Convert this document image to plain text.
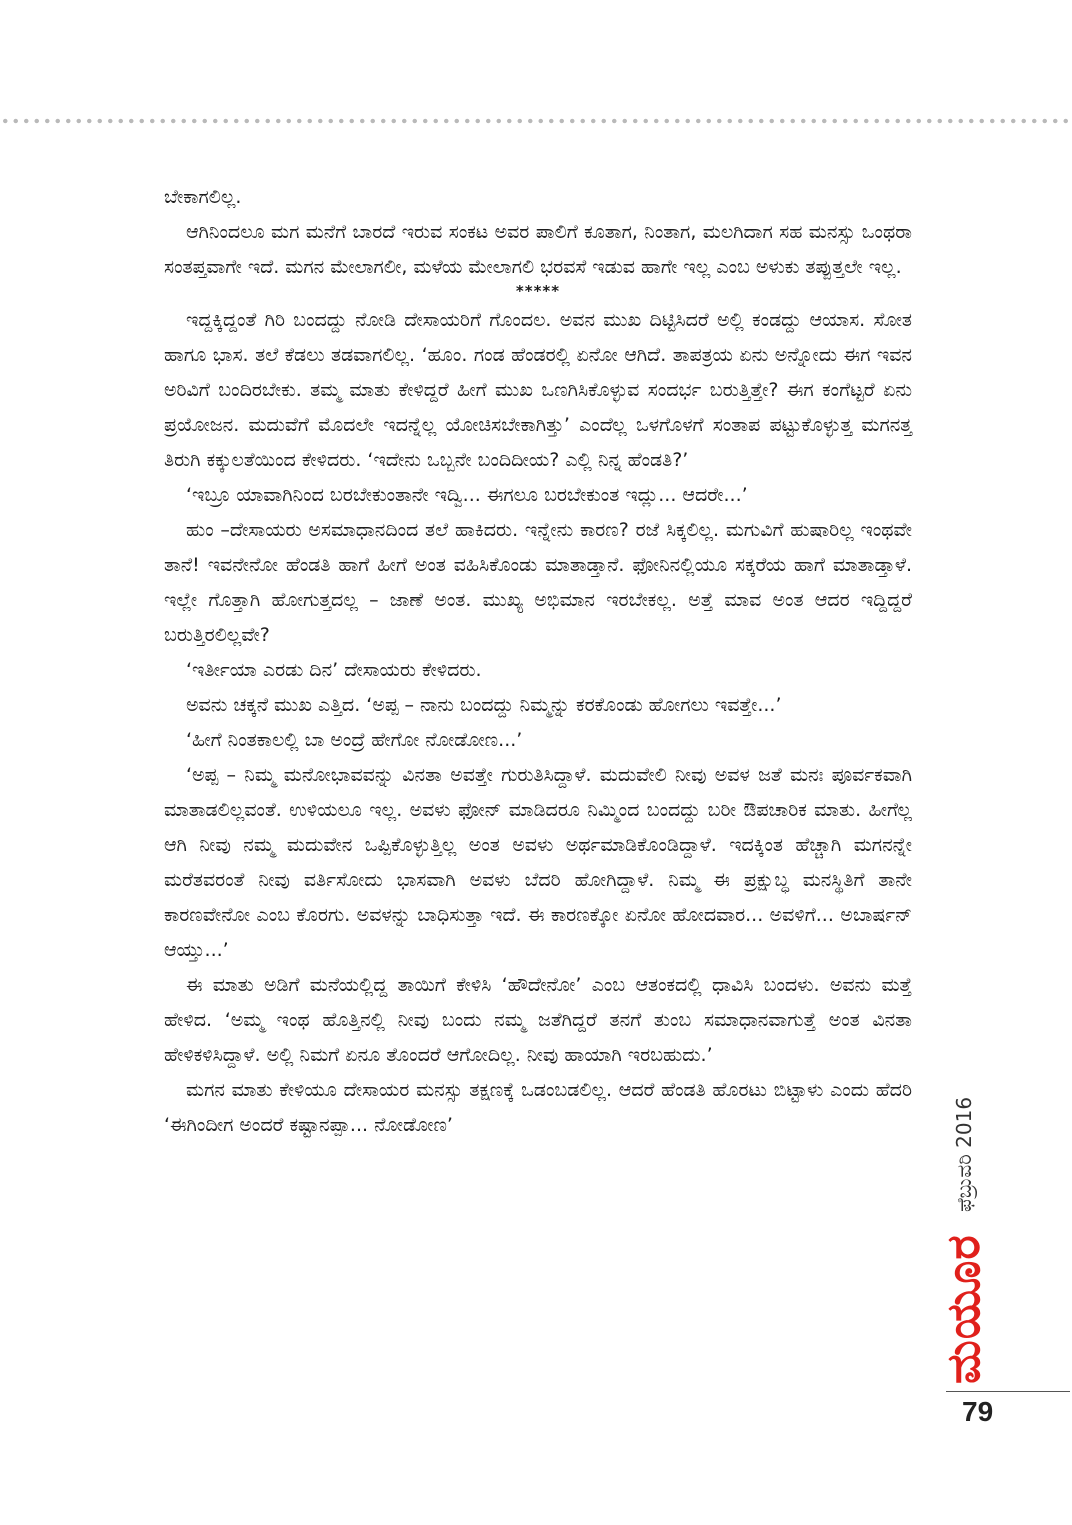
ಬೇಕಾಗಲಿಲ್ಲ.

ಆಗಿನಿಂದಲೂ ಮಗ ಮನೆಗೆ ಬಾರದೆ ಇರುವ ಸಂಕಟ ಅವರ ಪಾಲಿಗೆ ಕೂತಾಗ, ನಿಂತಾಗ, ಮಲಗಿದಾಗ ಸಹ ಮನಸ್ಸು ಒಂಥರಾ ಸಂತಪ್ತವಾಗೇ ಇದೆ. ಮಗನ ಮೇಲಾಗಲೀ, ಮಳೆಯ ಮೇಲಾಗಲಿ ಭರವಸೆ ಇಡುವ ಹಾಗೇ ಇಲ್ಲ ಎಂಬ ಅಳುಕು ತಪ್ಪುತ್ತಲೇ ಇಲ್ಲ.

*****

ಇದ್ದಕ್ಕಿದ್ದಂತೆ ಗಿರಿ ಬಂದದ್ದು ನೋಡಿ ದೇಸಾಯರಿಗೆ ಗೊಂದಲ. ಅವನ ಮುಖ ದಿಟ್ಟಿಸಿದರೆ ಅಲ್ಲಿ ಕಂಡದ್ದು ಆಯಾಸ. ಸೋತ ಹಾಗೂ ಭಾಸ. ತಲೆ ಕೆಡಲು ತಡವಾಗಲಿಲ್ಲ. ‘ಹೂಂ. ಗಂಡ ಹೆಂಡರಲ್ಲಿ ಏನೋ ಆಗಿದೆ. ತಾಪತ್ರಯ ಏನು ಅನ್ನೋದು ಈಗ ಇವನ ಅರಿವಿಗೆ ಬಂದಿರಬೇಕು. ತಮ್ಮ ಮಾತು ಕೇಳಿದ್ದರೆ ಹೀಗೆ ಮುಖ ಒಣಗಿಸಿಕೊಳ್ಳುವ ಸಂದರ್ಭ ಬರುತ್ತಿತ್ತೇ? ಈಗ ಕಂಗೆಟ್ಟರೆ ಏನು ಪ್ರಯೋಜನ. ಮದುವೆಗೆ ಮೊದಲೇ ಇದನ್ನೆಲ್ಲ ಯೋಚಿಸಬೇಕಾಗಿತ್ತು’ ಎಂದೆಲ್ಲ ಒಳಗೊಳಗೆ ಸಂತಾಪ ಪಟ್ಟುಕೊಳ್ಳುತ್ತ ಮಗನತ್ತ ತಿರುಗಿ ಕಕ್ಕುಲತೆಯಿಂದ ಕೇಳಿದರು. ‘ಇದೇನು ಒಬ್ಬನೇ ಬಂದಿದೀಯ? ಎಲ್ಲಿ ನಿನ್ನ ಹೆಂಡತಿ?’

‘ಇಬ್ರೂ ಯಾವಾಗಿನಿಂದ ಬರಬೇಕುಂತಾನೇ ಇದ್ವಿ... ಈಗಲೂ ಬರಬೇಕುಂತ ಇದ್ಲು... ಆದರೇ...’

ಹುಂ –ದೇಸಾಯರು ಅಸಮಾಧಾನದಿಂದ ತಲೆ ಹಾಕಿದರು. ಇನ್ನೇನು ಕಾರಣ? ರಜೆ ಸಿಕ್ಕಲಿಲ್ಲ. ಮಗುವಿಗೆ ಹುಷಾರಿಲ್ಲ ಇಂಥವೇ ತಾನೆ! ಇವನೇನೋ ಹೆಂಡತಿ ಹಾಗೆ ಹೀಗೆ ಅಂತ ವಹಿಸಿಕೊಂಡು ಮಾತಾಡ್ತಾನೆ. ಫೋನಿನಲ್ಲಿಯೂ ಸಕ್ಕರೆಯ ಹಾಗೆ ಮಾತಾಡ್ತಾಳೆ. ಇಲ್ಲೇ ಗೊತ್ತಾಗಿ ಹೋಗುತ್ತದಲ್ಲ – ಜಾಣೆ ಅಂತ. ಮುಖ್ಯ ಅಭಿಮಾನ ಇರಬೇಕಲ್ಲ. ಅತ್ತೆ ಮಾವ ಅಂತ ಆದರ ಇದ್ದಿದ್ದರೆ ಬರುತ್ತಿರಲಿಲ್ಲವೇ?

‘ಇರ್ತೀಯಾ ಎರಡು ದಿನ’ ದೇಸಾಯರು ಕೇಳಿದರು.

ಅವನು ಚಕ್ಕನೆ ಮುಖ ಎತ್ತಿದ. ‘ಅಪ್ಪ – ನಾನು ಬಂದದ್ದು ನಿಮ್ಮನ್ನು ಕರಕೊಂಡು ಹೋಗಲು ಇವತ್ತೇ...’

‘ಹೀಗೆ ನಿಂತಕಾಲಲ್ಲಿ ಬಾ ಅಂದ್ರೆ ಹೇಗೋ ನೋಡೋಣ...’

‘ಅಪ್ಪ – ನಿಮ್ಮ ಮನೋಭಾವವನ್ನು ವಿನತಾ ಅವತ್ತೇ ಗುರುತಿಸಿದ್ದಾಳೆ. ಮದುವೇಲಿ ನೀವು ಅವಳ ಜತೆ ಮನಃ ಪೂರ್ವಕವಾಗಿ ಮಾತಾಡಲಿಲ್ಲವಂತೆ. ಉಳಿಯಲೂ ಇಲ್ಲ. ಅವಳು ಫೋನ್ ಮಾಡಿದರೂ ನಿಮ್ಮಿಂದ ಬಂದದ್ದು ಬರೀ ಔಪಚಾರಿಕ ಮಾತು. ಹೀಗೆಲ್ಲ ಆಗಿ ನೀವು ನಮ್ಮ ಮದುವೇನ ಒಪ್ಪಿಕೊಳ್ಳುತ್ತಿಲ್ಲ ಅಂತ ಅವಳು ಅರ್ಥಮಾಡಿಕೊಂಡಿದ್ದಾಳೆ. ಇದಕ್ಕಿಂತ ಹೆಚ್ಚಾಗಿ ಮಗನನ್ನೇ ಮರೆತವರಂತೆ ನೀವು ವರ್ತಿಸೋದು ಭಾಸವಾಗಿ ಅವಳು ಬೆದರಿ ಹೋಗಿದ್ದಾಳೆ. ನಿಮ್ಮ ಈ ಪ್ರಕ್ಷುಬ್ಧ ಮನಸ್ಥಿತಿಗೆ ತಾನೇ ಕಾರಣವೇನೋ ಎಂಬ ಕೊರಗು. ಅವಳನ್ನು ಬಾಧಿಸುತ್ತಾ ಇದೆ. ಈ ಕಾರಣಕ್ಕೋ ಏನೋ ಹೋದವಾರ... ಅವಳಿಗೆ... ಅಬಾರ್ಷನ್ ಆಯ್ತು...’

ಈ ಮಾತು ಅಡಿಗೆ ಮನೆಯಲ್ಲಿದ್ದ ತಾಯಿಗೆ ಕೇಳಿಸಿ ‘ಹೌದೇನೋ’ ಎಂಬ ಆತಂಕದಲ್ಲಿ ಧಾವಿಸಿ ಬಂದಳು. ಅವನು ಮತ್ತೆ ಹೇಳಿದ. ‘ಅಮ್ಮ ಇಂಥ ಹೊತ್ತಿನಲ್ಲಿ ನೀವು ಬಂದು ನಮ್ಮ ಜತೆಗಿದ್ದರೆ ತನಗೆ ತುಂಬ ಸಮಾಧಾನವಾಗುತ್ತೆ ಅಂತ ವಿನತಾ ಹೇಳಿಕಳಿಸಿದ್ದಾಳೆ. ಅಲ್ಲಿ ನಿಮಗೆ ಏನೂ ತೊಂದರೆ ಆಗೋದಿಲ್ಲ. ನೀವು ಹಾಯಾಗಿ ಇರಬಹುದು.’

ಮಗನ ಮಾತು ಕೇಳಿಯೂ ದೇಸಾಯರ ಮನಸ್ಸು ತಕ್ಷಣಕ್ಕೆ ಒಡಂಬಡಲಿಲ್ಲ. ಆದರೆ ಹೆಂಡತಿ ಹೊರಟು ಬಿಟ್ಟಾಳು ಎಂದು ಹೆದರಿ ‘ಈಗಿಂದೀಗ ಅಂದರೆ ಕಷ್ಟಾನಪ್ಪಾ... ನೋಡೋಣ’

ಮಯೂರ
ಫೆಬ್ರುವರಿ 2016
79
